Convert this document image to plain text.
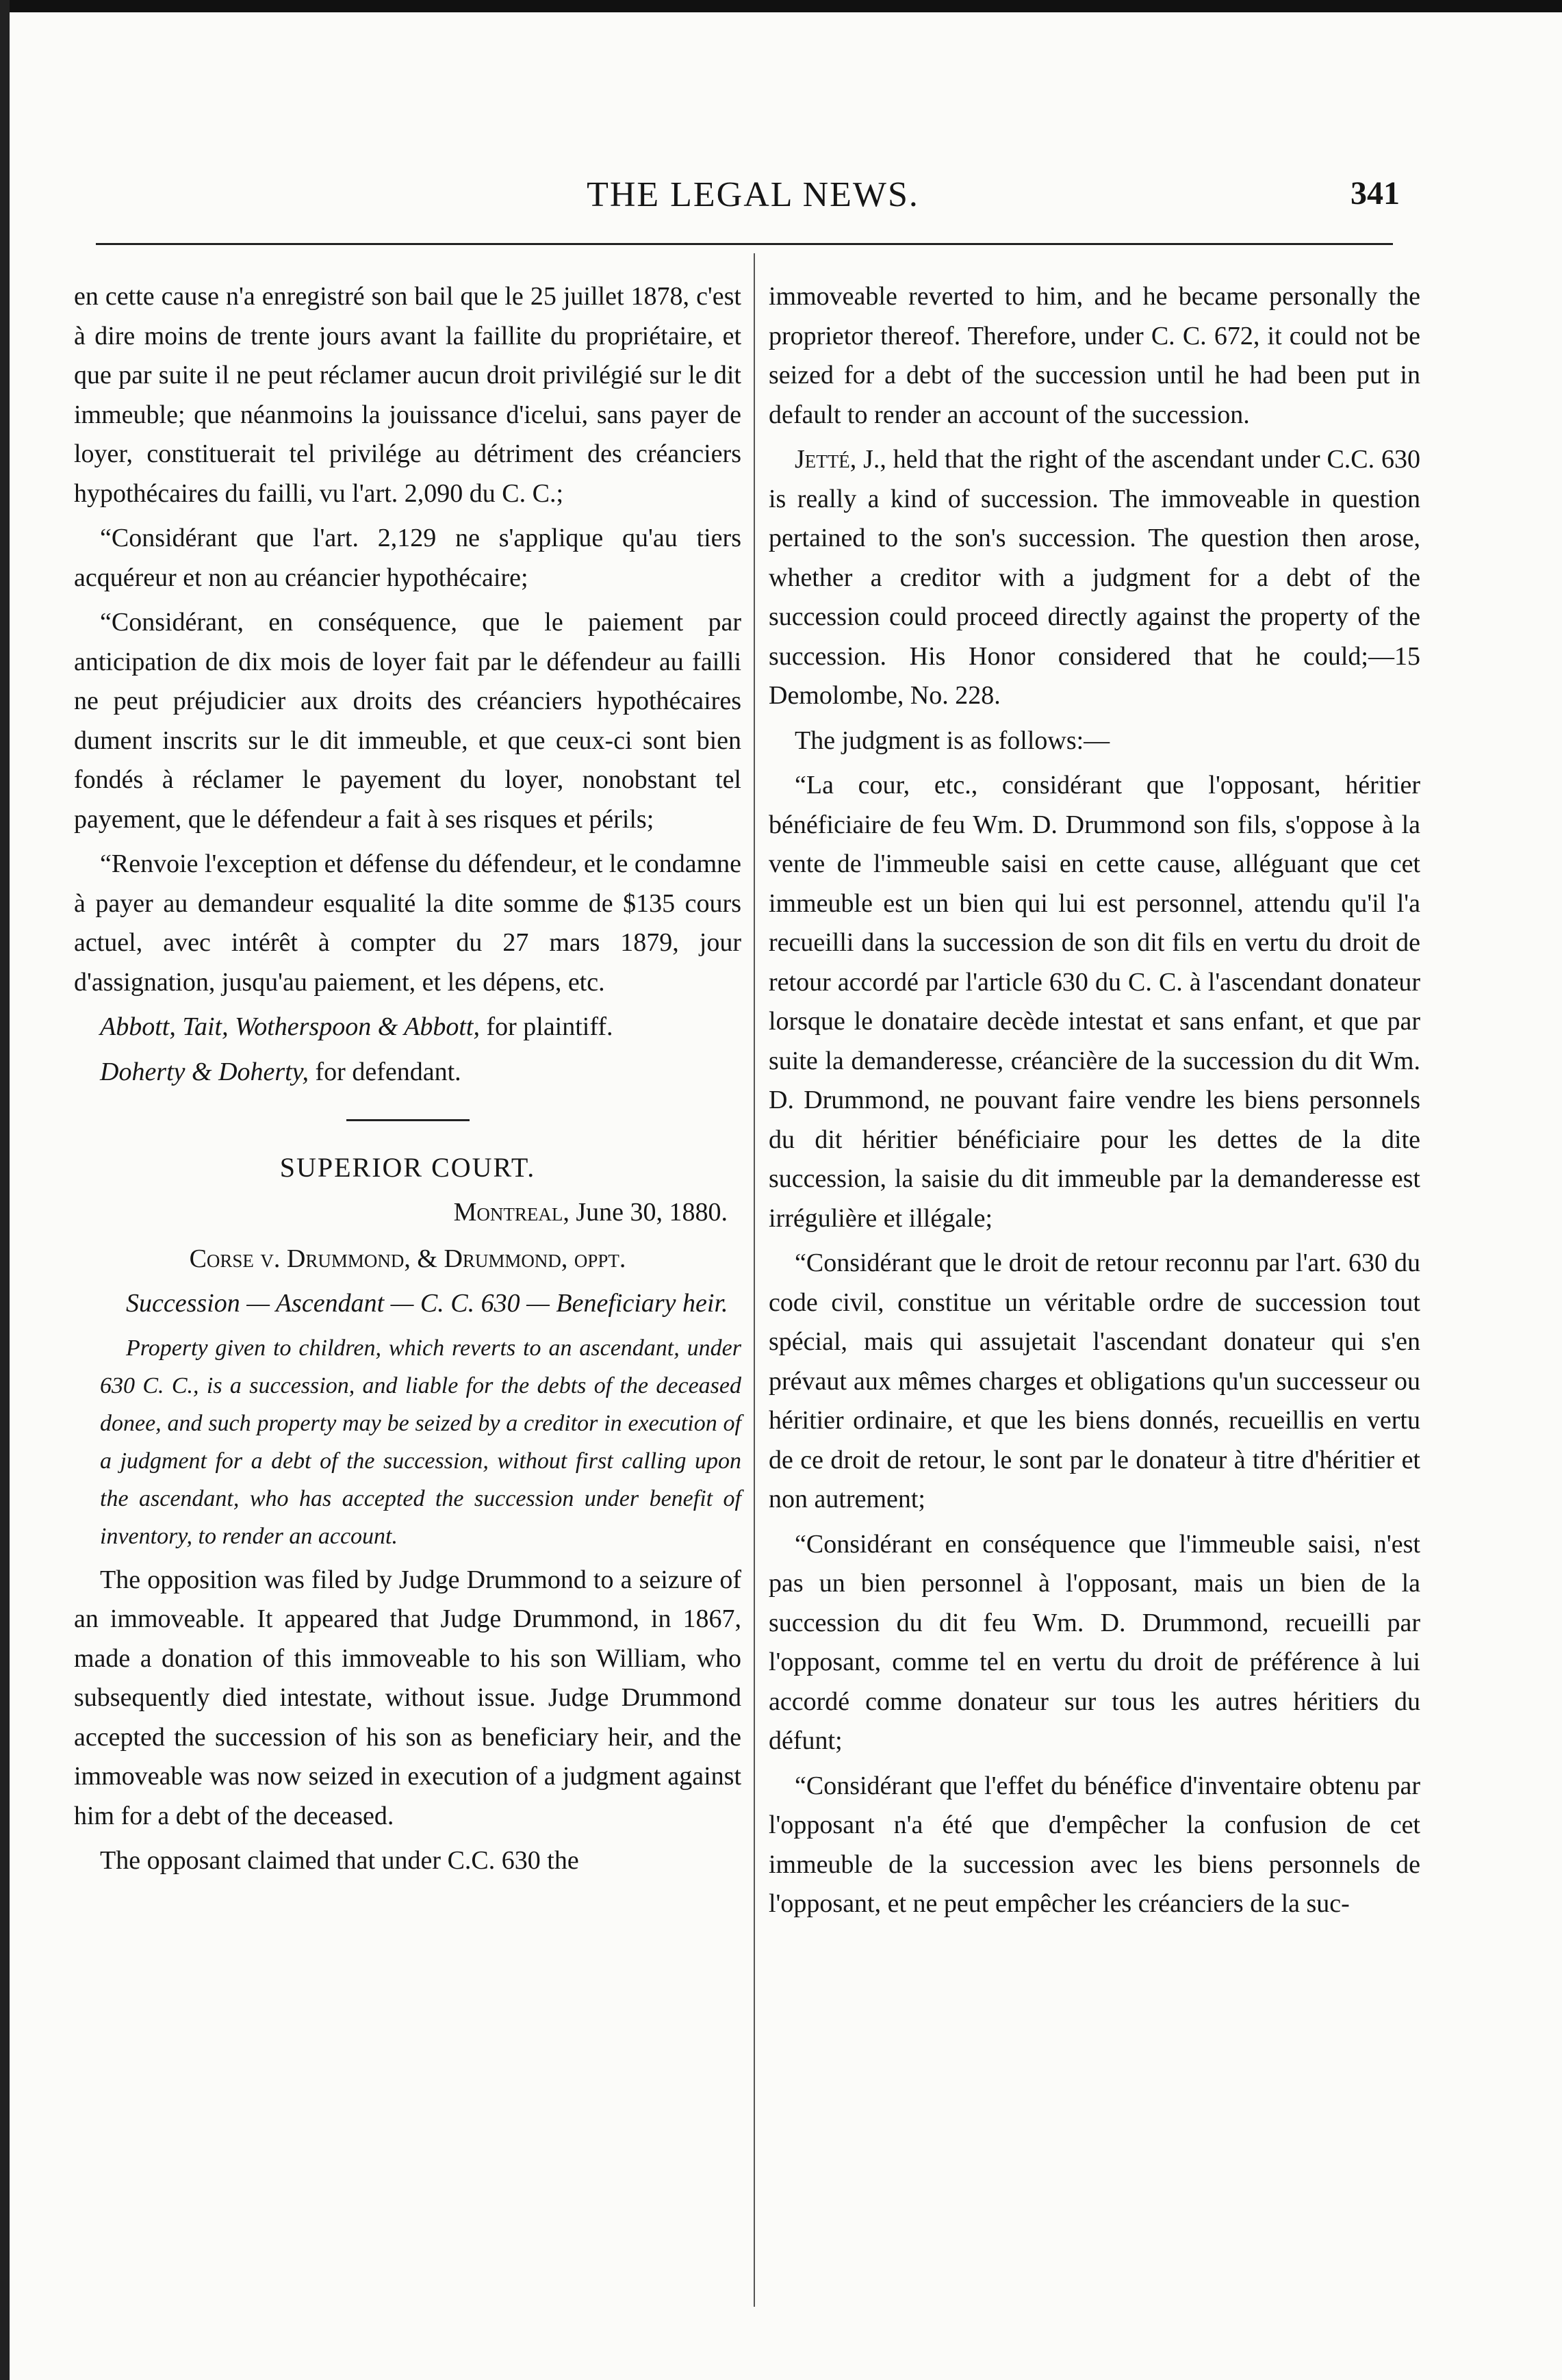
THE LEGAL NEWS.	341

en cette cause n'a enregistré son bail que le 25 juillet 1878, c'est à dire moins de trente jours avant la faillite du propriétaire, et que par suite il ne peut réclamer aucun droit privilégié sur le dit immeuble; que néanmoins la jouissance d'icelui, sans payer de loyer, constituerait tel privilége au détriment des créanciers hypothécaires du failli, vu l'art. 2,090 du C. C.;

“Considérant que l'art. 2,129 ne s'applique qu'au tiers acquéreur et non au créancier hypothécaire;

“Considérant, en conséquence, que le paiement par anticipation de dix mois de loyer fait par le défendeur au failli ne peut préjudicier aux droits des créanciers hypothécaires dument inscrits sur le dit immeuble, et que ceux-ci sont bien fondés à réclamer le payement du loyer, nonobstant tel payement, que le défendeur a fait à ses risques et périls;

“Renvoie l'exception et défense du défendeur, et le condamne à payer au demandeur esqualité la dite somme de $135 cours actuel, avec intérêt à compter du 27 mars 1879, jour d'assignation, jusqu'au paiement, et les dépens, etc.

Abbott, Tait, Wotherspoon & Abbott, for plaintiff.

Doherty & Doherty, for defendant.

SUPERIOR COURT.
Montreal, June 30, 1880.
Corse v. Drummond, & Drummond, oppt.

Succession — Ascendant — C. C. 630 — Beneficiary heir.

Property given to children, which reverts to an ascendant, under 630 C. C., is a succession, and liable for the debts of the deceased donee, and such property may be seized by a creditor in execution of a judgment for a debt of the succession, without first calling upon the ascendant, who has accepted the succession under benefit of inventory, to render an account.

The opposition was filed by Judge Drummond to a seizure of an immoveable. It appeared that Judge Drummond, in 1867, made a donation of this immoveable to his son William, who subsequently died intestate, without issue. Judge Drummond accepted the succession of his son as beneficiary heir, and the immoveable was now seized in execution of a judgment against him for a debt of the deceased.

The opposant claimed that under C.C. 630 the

immoveable reverted to him, and he became personally the proprietor thereof. Therefore, under C. C. 672, it could not be seized for a debt of the succession until he had been put in default to render an account of the succession.

Jetté, J., held that the right of the ascendant under C.C. 630 is really a kind of succession. The immoveable in question pertained to the son's succession. The question then arose, whether a creditor with a judgment for a debt of the succession could proceed directly against the property of the succession. His Honor considered that he could;—15 Demolombe, No. 228.

The judgment is as follows:—

“La cour, etc., considérant que l'opposant, héritier bénéficiaire de feu Wm. D. Drummond son fils, s'oppose à la vente de l'immeuble saisi en cette cause, alléguant que cet immeuble est un bien qui lui est personnel, attendu qu'il l'a recueilli dans la succession de son dit fils en vertu du droit de retour accordé par l'article 630 du C. C. à l'ascendant donateur lorsque le donataire decède intestat et sans enfant, et que par suite la demanderesse, créancière de la succession du dit Wm. D. Drummond, ne pouvant faire vendre les biens personnels du dit héritier bénéficiaire pour les dettes de la dite succession, la saisie du dit immeuble par la demanderesse est irrégulière et illégale;

“Considérant que le droit de retour reconnu par l'art. 630 du code civil, constitue un véritable ordre de succession tout spécial, mais qui assujetait l'ascendant donateur qui s'en prévaut aux mêmes charges et obligations qu'un successeur ou héritier ordinaire, et que les biens donnés, recueillis en vertu de ce droit de retour, le sont par le donateur à titre d'héritier et non autrement;

“Considérant en conséquence que l'immeuble saisi, n'est pas un bien personnel à l'opposant, mais un bien de la succession du dit feu Wm. D. Drummond, recueilli par l'opposant, comme tel en vertu du droit de préférence à lui accordé comme donateur sur tous les autres héritiers du défunt;

“Considérant que l'effet du bénéfice d'inventaire obtenu par l'opposant n'a été que d'empêcher la confusion de cet immeuble de la succession avec les biens personnels de l'opposant, et ne peut empêcher les créanciers de la suc-
